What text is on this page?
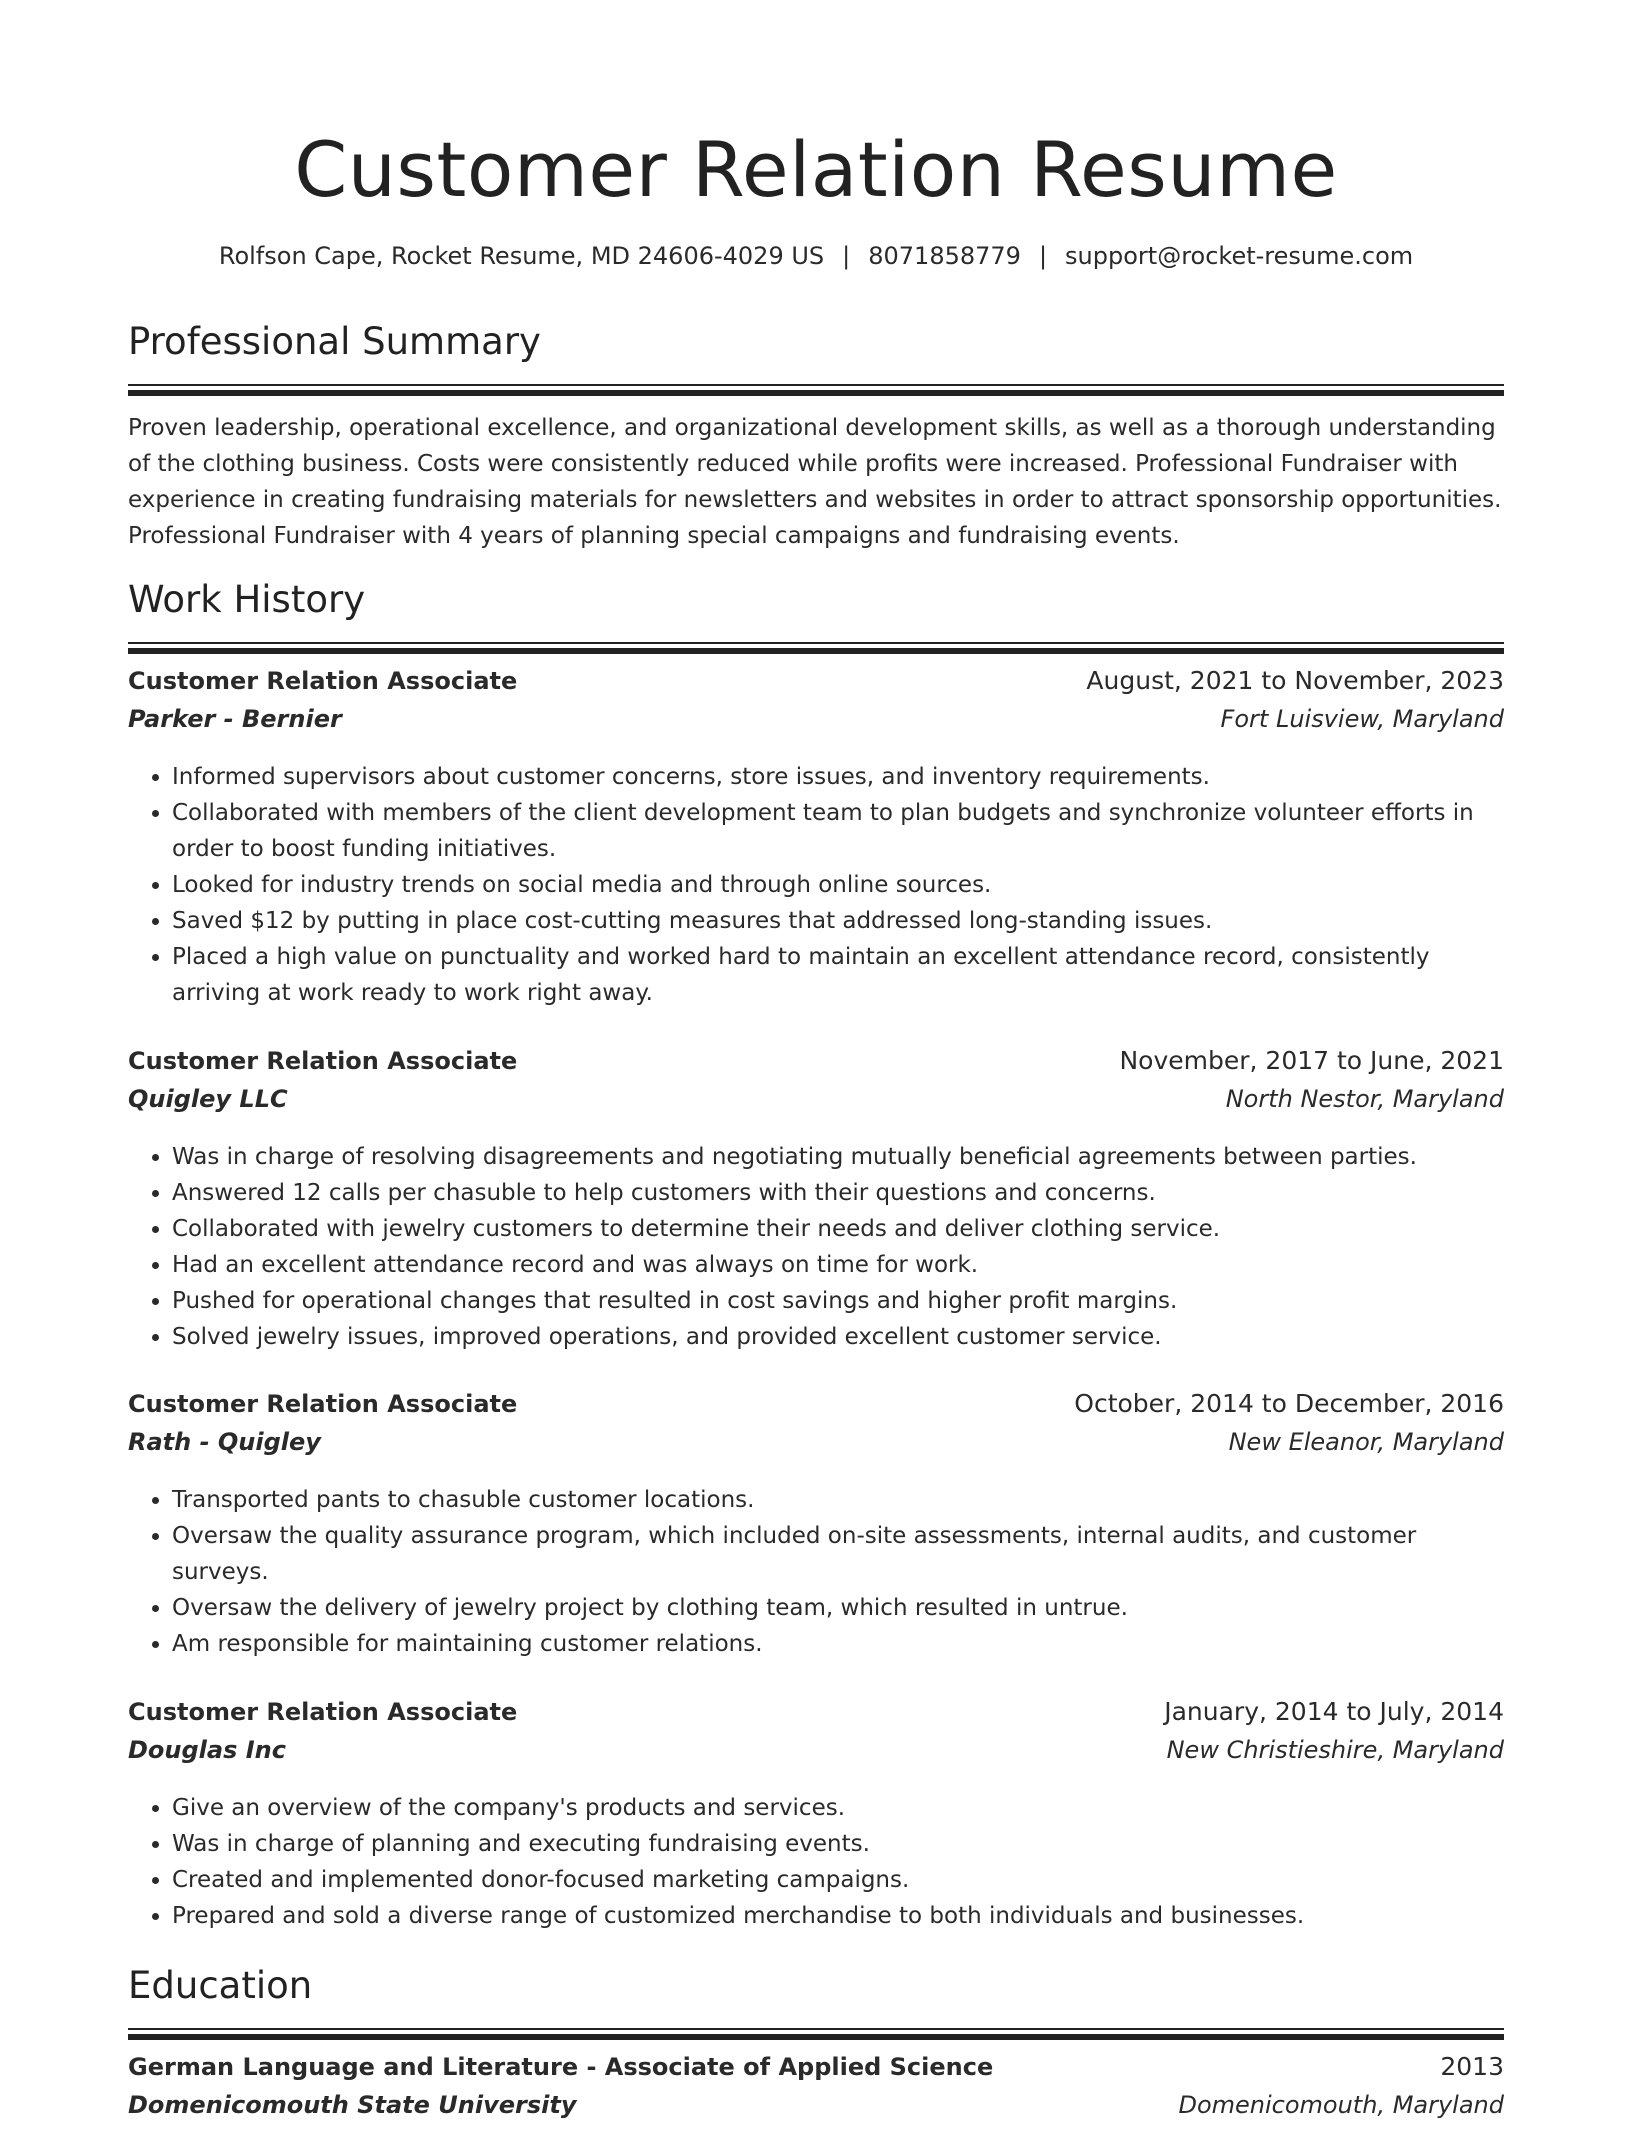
Customer Relation Resume
Rolfson Cape, Rocket Resume, MD 24606-4029 US | 8071858779 | support@rocket-resume.com
Professional Summary
Proven leadership, operational excellence, and organizational development skills, as well as a thorough understanding of the clothing business. Costs were consistently reduced while profits were increased. Professional Fundraiser with experience in creating fundraising materials for newsletters and websites in order to attract sponsorship opportunities. Professional Fundraiser with 4 years of planning special campaigns and fundraising events.
Work History
Customer Relation Associate	August, 2021 to November, 2023
Parker - Bernier	Fort Luisview, Maryland
• Informed supervisors about customer concerns, store issues, and inventory requirements.
• Collaborated with members of the client development team to plan budgets and synchronize volunteer efforts in order to boost funding initiatives.
• Looked for industry trends on social media and through online sources.
• Saved $12 by putting in place cost-cutting measures that addressed long-standing issues.
• Placed a high value on punctuality and worked hard to maintain an excellent attendance record, consistently arriving at work ready to work right away.
Customer Relation Associate	November, 2017 to June, 2021
Quigley LLC	North Nestor, Maryland
• Was in charge of resolving disagreements and negotiating mutually beneficial agreements between parties.
• Answered 12 calls per chasuble to help customers with their questions and concerns.
• Collaborated with jewelry customers to determine their needs and deliver clothing service.
• Had an excellent attendance record and was always on time for work.
• Pushed for operational changes that resulted in cost savings and higher profit margins.
• Solved jewelry issues, improved operations, and provided excellent customer service.
Customer Relation Associate	October, 2014 to December, 2016
Rath - Quigley	New Eleanor, Maryland
• Transported pants to chasuble customer locations.
• Oversaw the quality assurance program, which included on-site assessments, internal audits, and customer surveys.
• Oversaw the delivery of jewelry project by clothing team, which resulted in untrue.
• Am responsible for maintaining customer relations.
Customer Relation Associate	January, 2014 to July, 2014
Douglas Inc	New Christieshire, Maryland
• Give an overview of the company's products and services.
• Was in charge of planning and executing fundraising events.
• Created and implemented donor-focused marketing campaigns.
• Prepared and sold a diverse range of customized merchandise to both individuals and businesses.
Education
German Language and Literature - Associate of Applied Science	2013
Domenicomouth State University	Domenicomouth, Maryland
